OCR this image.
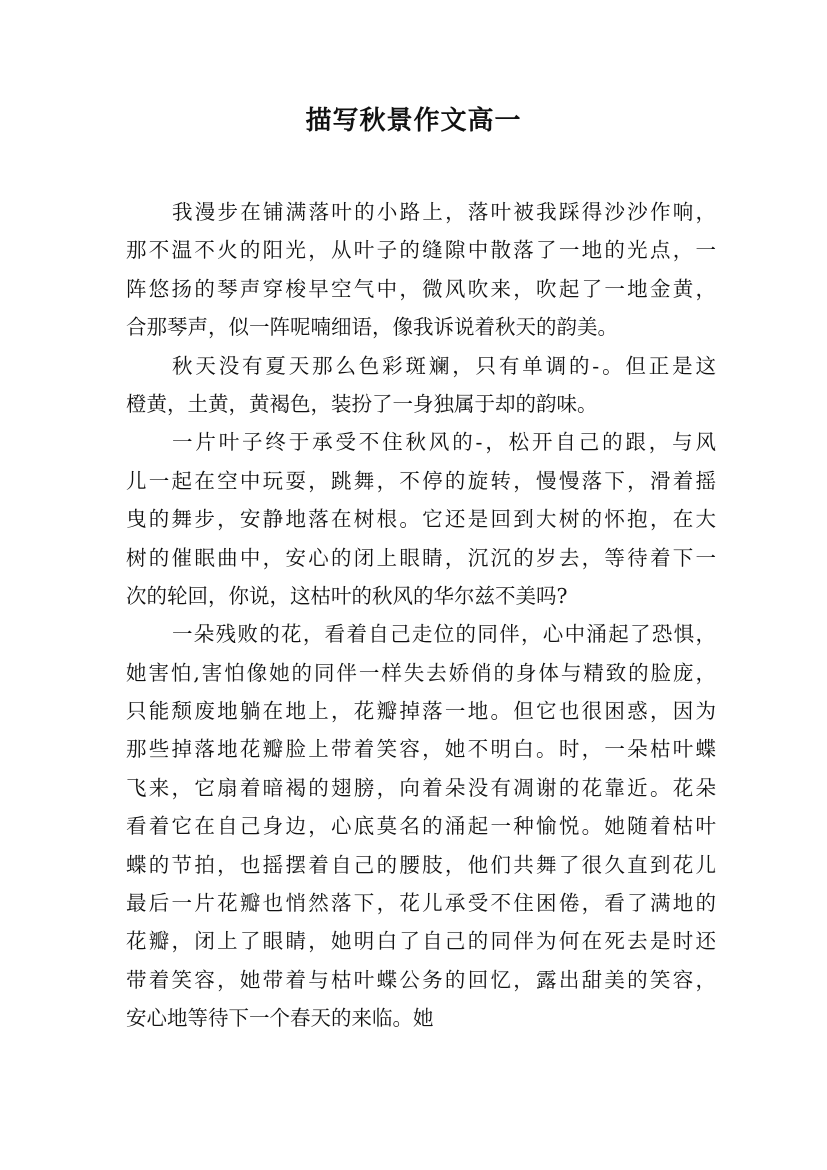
描写秋景作文高一
我漫步在铺满落叶的小路上，落叶被我踩得沙沙作响，
那不温不火的阳光，从叶子的缝隙中散落了一地的光点，一
阵悠扬的琴声穿梭早空气中，微风吹来，吹起了一地金黄，
合那琴声，似一阵呢喃细语，像我诉说着秋天的韵美。
秋天没有夏天那么色彩斑斓，只有单调的-。但正是这
橙黄，土黄，黄褐色，装扮了一身独属于却的韵味。
一片叶子终于承受不住秋风的-，松开自己的跟，与风
儿一起在空中玩耍，跳舞，不停的旋转，慢慢落下，滑着摇
曳的舞步，安静地落在树根。它还是回到大树的怀抱，在大
树的催眠曲中，安心的闭上眼睛，沉沉的岁去，等待着下一
次的轮回，你说，这枯叶的秋风的华尔兹不美吗?
一朵残败的花，看着自己走位的同伴，心中涌起了恐惧，
她害怕,害怕像她的同伴一样失去娇俏的身体与精致的脸庞，
只能颓废地躺在地上，花瓣掉落一地。但它也很困惑，因为
那些掉落地花瓣脸上带着笑容，她不明白。时，一朵枯叶蝶
飞来，它扇着暗褐的翅膀，向着朵没有凋谢的花靠近。花朵
看着它在自己身边，心底莫名的涌起一种愉悦。她随着枯叶
蝶的节拍，也摇摆着自己的腰肢，他们共舞了很久直到花儿
最后一片花瓣也悄然落下，花儿承受不住困倦，看了满地的
花瓣，闭上了眼睛，她明白了自己的同伴为何在死去是时还
带着笑容，她带着与枯叶蝶公务的回忆，露出甜美的笑容，
安心地等待下一个春天的来临。她
